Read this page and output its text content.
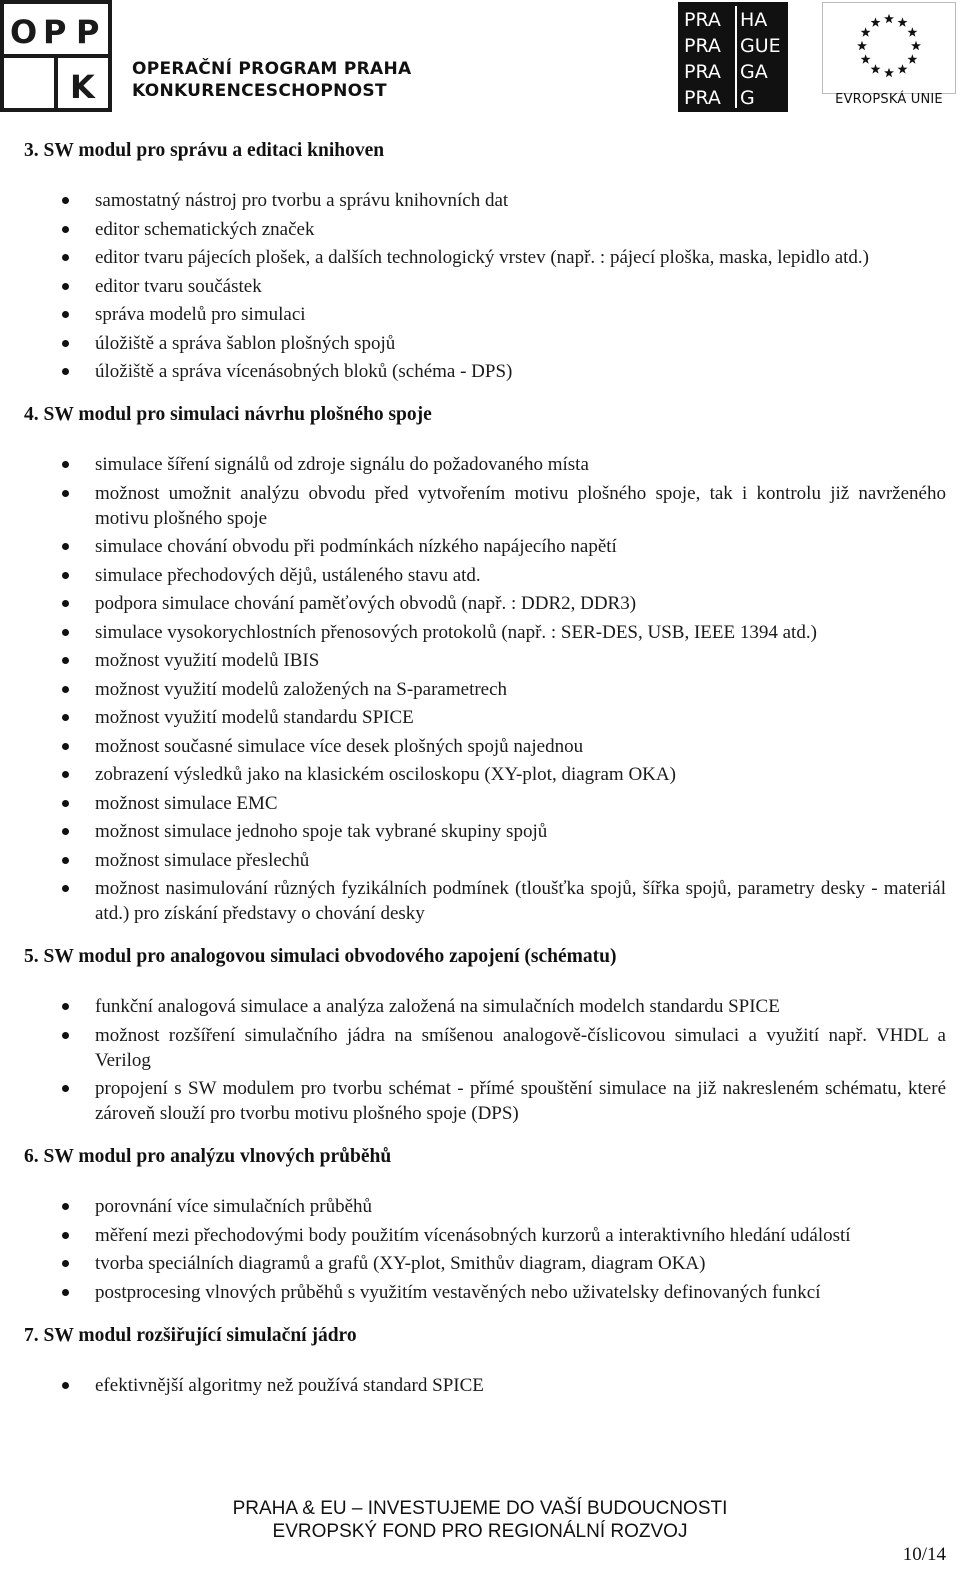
O P P
K OPERAČNÍ PROGRAM PRAHA
KONKURENCESCHOPNOST
PRA HA
PRA GUE
PRA GA
PRA G	EVROPSKÁ UNIE
3. SW modul pro správu a editaci knihoven
samostatný nástroj pro tvorbu a správu knihovních dat
editor schematických značek
editor tvaru pájecích plošek, a dalších technologický vrstev (např. : pájecí ploška, maska, lepidlo atd.)
editor tvaru součástek
správa modelů pro simulaci
úložiště a správa šablon plošných spojů
úložiště a správa vícenásobných bloků (schéma - DPS)
4. SW modul pro simulaci návrhu plošného spoje
simulace šíření signálů od zdroje signálu do požadovaného místa
možnost umožnit analýzu obvodu před vytvořením motivu plošného spoje, tak i kontrolu již navrženého motivu plošného spoje
simulace chování obvodu při podmínkách nízkého napájecího napětí
simulace přechodových dějů, ustáleného stavu atd.
podpora simulace chování paměťových obvodů (např. : DDR2, DDR3)
simulace vysokorychlostních přenosových protokolů (např. : SER-DES, USB, IEEE 1394 atd.)
možnost využití modelů IBIS
možnost využití modelů založených na S-parametrech
možnost využití modelů standardu SPICE
možnost současné simulace více desek plošných spojů najednou
zobrazení výsledků jako na klasickém osciloskopu (XY-plot, diagram OKA)
možnost simulace EMC
možnost simulace jednoho spoje tak vybrané skupiny spojů
možnost simulace přeslechů
možnost nasimulování různých fyzikálních podmínek (tloušťka spojů, šířka spojů, parametry desky - materiál atd.) pro získání představy o chování desky
5. SW modul pro analogovou simulaci obvodového zapojení (schématu)
funkční analogová simulace a analýza založená na simulačních modelch standardu SPICE
možnost rozšíření simulačního jádra na smíšenou analogově-číslicovou simulaci a využití např. VHDL a Verilog
propojení s SW modulem pro tvorbu schémat - přímé spouštění simulace na již nakresleném schématu, které zároveň slouží pro tvorbu motivu plošného spoje (DPS)
6. SW modul pro analýzu vlnových průběhů
porovnání více simulačních průběhů
měření mezi přechodovými body použitím vícenásobných kurzorů a interaktivního hledání událostí
tvorba speciálních diagramů a grafů (XY-plot, Smithův diagram, diagram OKA)
postprocesing vlnových průběhů s využitím vestavěných nebo uživatelsky definovaných funkcí
7. SW modul rozšiřující simulační jádro
efektivnější algoritmy než používá standard SPICE
PRAHA & EU – INVESTUJEME DO VAŠÍ BUDOUCNOSTI
EVROPSKÝ FOND PRO REGIONÁLNÍ ROZVOJ
10/14
